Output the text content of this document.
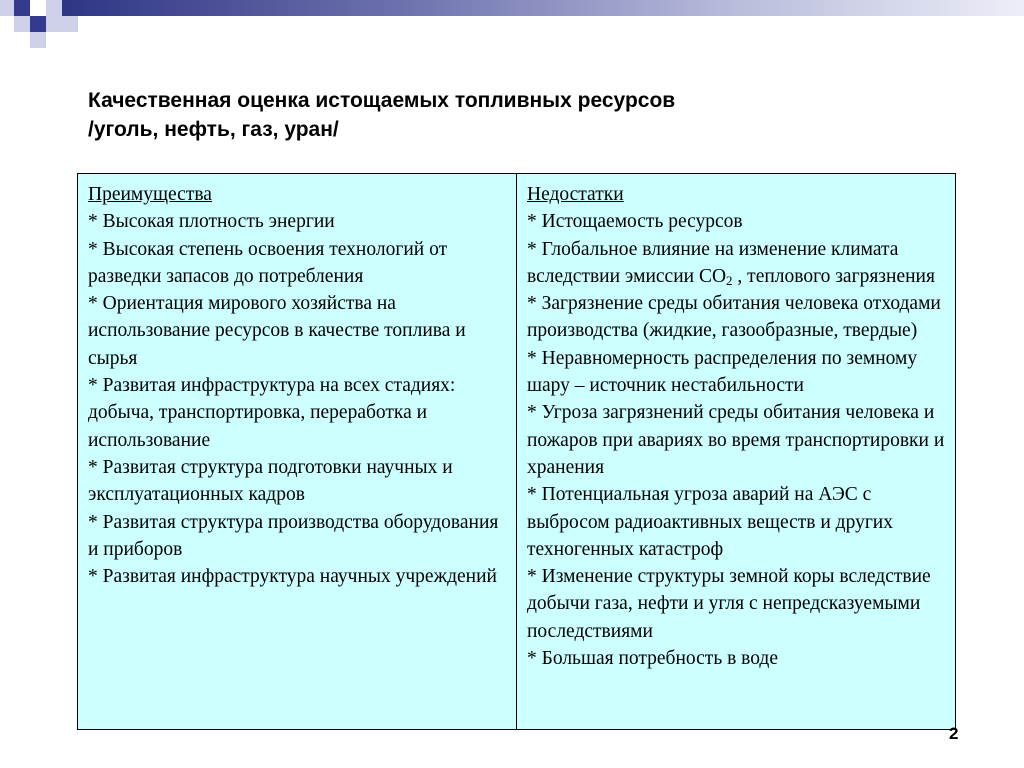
Качественная оценка истощаемых топливных ресурсов
/уголь, нефть, газ, уран/
Преимущества
* Высокая плотность энергии
* Высокая степень освоения технологий от разведки запасов до потребления
* Ориентация мирового хозяйства на использование ресурсов в качестве топлива и сырья
* Развитая инфраструктура на всех стадиях: добыча, транспортировка, переработка и использование
* Развитая структура подготовки научных и эксплуатационных кадров
* Развитая структура производства оборудования и приборов
* Развитая инфраструктура научных учреждений
Недостатки
* Истощаемость ресурсов
* Глобальное влияние на изменение климата вследствии эмиссии $СО_2$ , теплового загрязнения
* Загрязнение среды обитания человека отходами производства (жидкие, газообразные, твердые)
* Неравномерность распределения по земному шару – источник нестабильности
* Угроза загрязнений среды обитания человека и пожаров при авариях во время транспортировки и хранения
* Потенциальная угроза аварий на АЭС с выбросом радиоактивных веществ и других техногенных катастроф
* Изменение структуры земной коры вследствие добычи газа, нефти и угля с непредсказуемыми последствиями
* Большая потребность в воде
2
